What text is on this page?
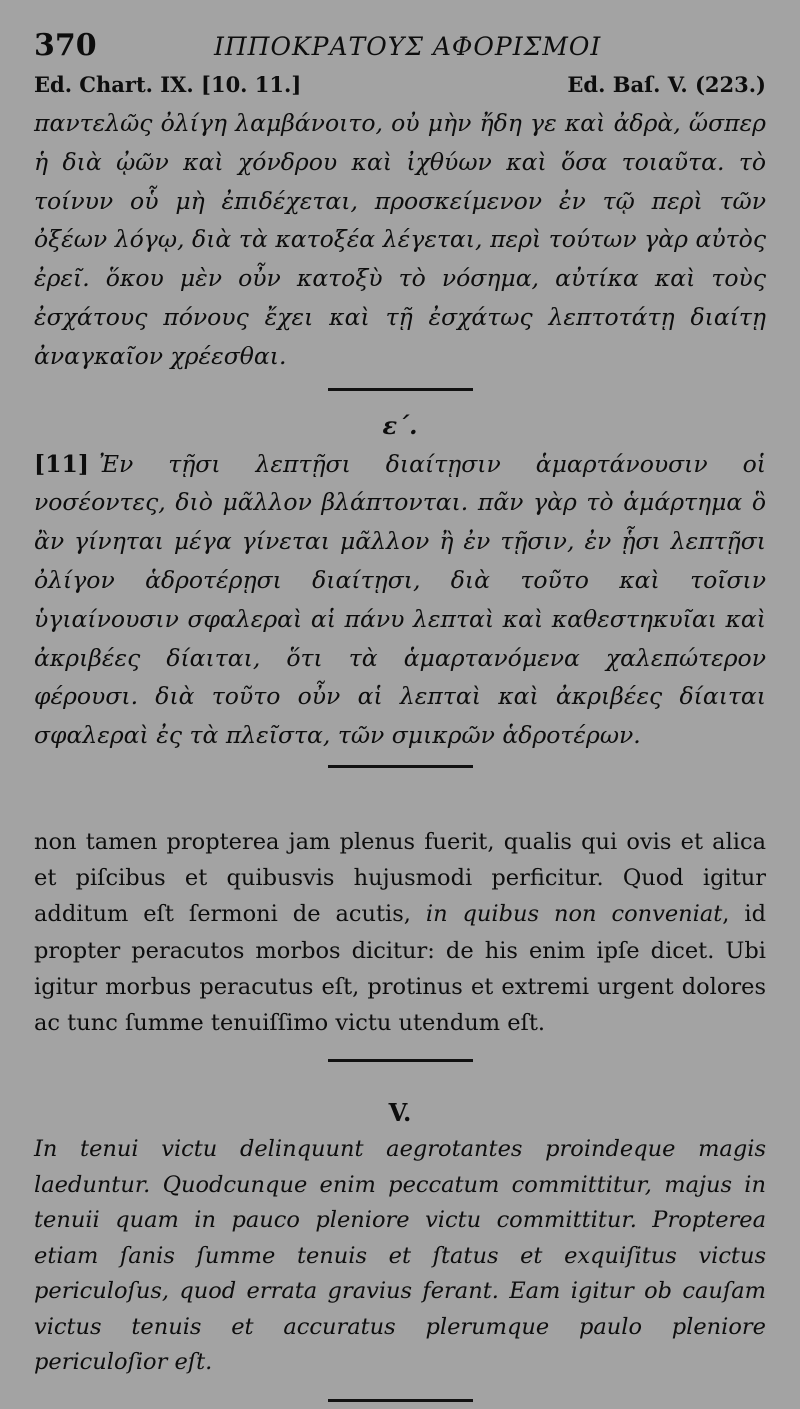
370	ΙΠΠΟΚΡΑΤΟΥΣ ΑΦΟΡΙΣΜΟΙ
Ed. Chart. IX. [10. 11.]	Ed. Baſ. V. (223.)

παντελῶς ὀλίγη λαμβάνοιτο, οὐ μὴν ἤδη γε καὶ ἀδρὰ, ὥσπερ ἡ διὰ ᾠῶν καὶ χόνδρου καὶ ἰχθύων καὶ ὅσα τοιαῦτα. τὸ τοίνυν οὗ μὴ ἐπιδέχεται, προσκείμενον ἐν τῷ περὶ τῶν ὀξέων λόγῳ, διὰ τὰ κατοξέα λέγεται, περὶ τούτων γὰρ αὐτὸς ἐρεῖ. ὅκου μὲν οὖν κατοξὺ τὸ νόσημα, αὐτίκα καὶ τοὺς ἐσχάτους πόνους ἔχει καὶ τῇ ἐσχάτως λεπτοτάτῃ διαίτῃ ἀναγκαῖον χρέεσθαι.

ε΄.

[11] Ἐν τῇσι λεπτῇσι διαίτῃσιν ἁμαρτάνουσιν οἱ νοσέοντες, διὸ μᾶλλον βλάπτονται. πᾶν γὰρ τὸ ἁμάρτημα ὃ ἂν γίνηται μέγα γίνεται μᾶλλον ἢ ἐν τῇσιν, ἐν ᾗσι λεπτῇσι ὀλίγον ἁδροτέρῃσι διαίτῃσι, διὰ τοῦτο καὶ τοῖσιν ὑγιαίνουσιν σφαλεραὶ αἱ πάνυ λεπταὶ καὶ καθεστηκυῖαι καὶ ἀκριβέες δίαιται, ὅτι τὰ ἁμαρτανόμενα χαλεπώτερον φέρουσι. διὰ τοῦτο οὖν αἱ λεπταὶ καὶ ἀκριβέες δίαιται σφαλεραὶ ἐς τὰ πλεῖστα, τῶν σμικρῶν ἁδροτέρων.

non tamen propterea jam plenus fuerit, qualis qui ovis et alica et piſcibus et quibusvis hujusmodi perficitur. Quod igitur additum eſt ſermoni de acutis, in quibus non conveniat, id propter peracutos morbos dicitur: de his enim ipſe dicet. Ubi igitur morbus peracutus eſt, protinus et extremi urgent dolores ac tunc ſumme tenuiſſimo victu utendum eſt.

V.

In tenui victu delinquunt aegrotantes proindeque magis laeduntur. Quodcunque enim peccatum committitur, majus in tenuii quam in pauco pleniore victu committitur. Propterea etiam ſanis ſumme tenuis et ſtatus et exquiſitus victus periculoſus, quod errata gravius ferant. Eam igitur ob cauſam victus tenuis et accuratus plerumque paulo pleniore periculoſior eſt.
